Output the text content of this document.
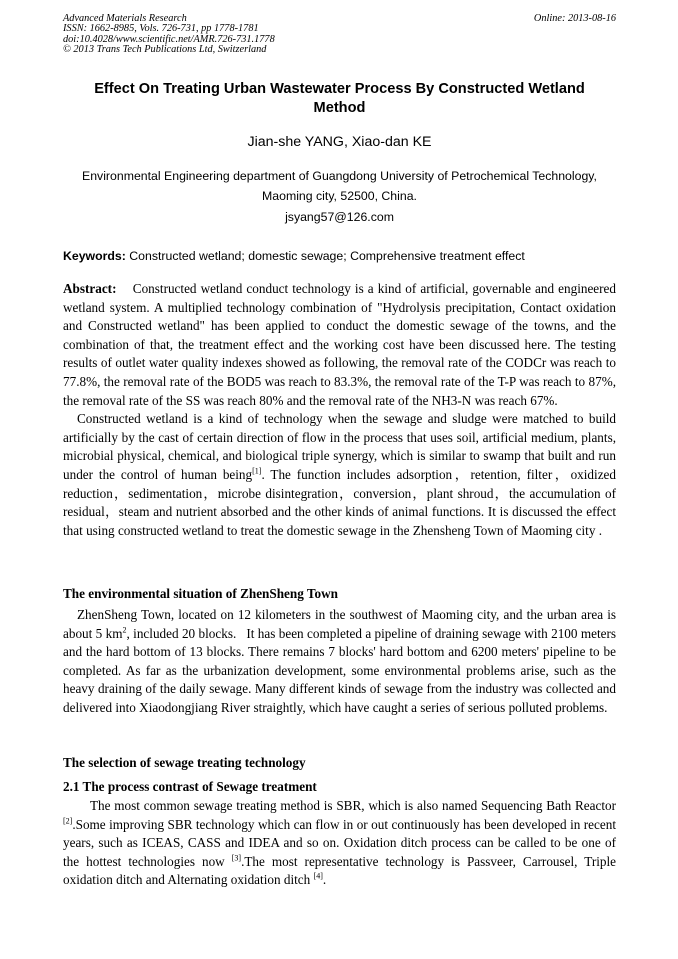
Advanced Materials Research
ISSN: 1662-8985, Vols. 726-731, pp 1778-1781
doi:10.4028/www.scientific.net/AMR.726-731.1778
© 2013 Trans Tech Publications Ltd, Switzerland
Online: 2013-08-16
Effect On Treating Urban Wastewater Process By Constructed Wetland
Method
Jian-she YANG, Xiao-dan KE
Environmental Engineering department of Guangdong University of Petrochemical Technology,
Maoming city, 52500, China.
jsyang57@126.com
Keywords: Constructed wetland; domestic sewage; Comprehensive treatment effect

Abstract: Constructed wetland conduct technology is a kind of artificial, governable and engineered wetland system. A multiplied technology combination of "Hydrolysis precipitation, Contact oxidation and Constructed wetland" has been applied to conduct the domestic sewage of the towns, and the combination of that, the treatment effect and the working cost have been discussed here. The testing results of outlet water quality indexes showed as following, the removal rate of the CODCr was reach to 77.8%, the removal rate of the BOD5 was reach to 83.3%, the removal rate of the T-P was reach to 87%, the removal rate of the SS was reach 80% and the removal rate of the NH3-N was reach 67%.

Constructed wetland is a kind of technology when the sewage and sludge were matched to build artificially by the cast of certain direction of flow in the process that uses soil, artificial medium, plants, microbial physical, chemical, and biological triple synergy, which is similar to swamp that built and run under the control of human being[1]. The function includes adsorption，retention, filter，oxidized reduction，sedimentation，microbe disintegration，conversion，plant shroud，the accumulation of residual，steam and nutrient absorbed and the other kinds of animal functions. It is discussed the effect that using constructed wetland to treat the domestic sewage in the Zhensheng Town of Maoming city .

The environmental situation of ZhenSheng Town

ZhenSheng Town, located on 12 kilometers in the southwest of Maoming city, and the urban area is about 5 $km^2$, included 20 blocks.   It has been completed a pipeline of draining sewage with 2100 meters and the hard bottom of 13 blocks. There remains 7 blocks' hard bottom and 6200 meters' pipeline to be completed. As far as the urbanization development, some environmental problems arise, such as the heavy draining of the daily sewage. Many different kinds of sewage from the industry was collected and delivered into Xiaodongjiang River straightly, which have caught a series of serious polluted problems.

The selection of sewage treating technology
2.1 The process contrast of Sewage treatment

The most common sewage treating method is SBR, which is also named Sequencing Bath Reactor [2].Some improving SBR technology which can flow in or out continuously has been developed in recent years, such as ICEAS, CASS and IDEA and so on. Oxidation ditch process can be called to be one of the hottest technologies now [3].The most representative technology is Passveer, Carrousel, Triple oxidation ditch and Alternating oxidation ditch [4].
